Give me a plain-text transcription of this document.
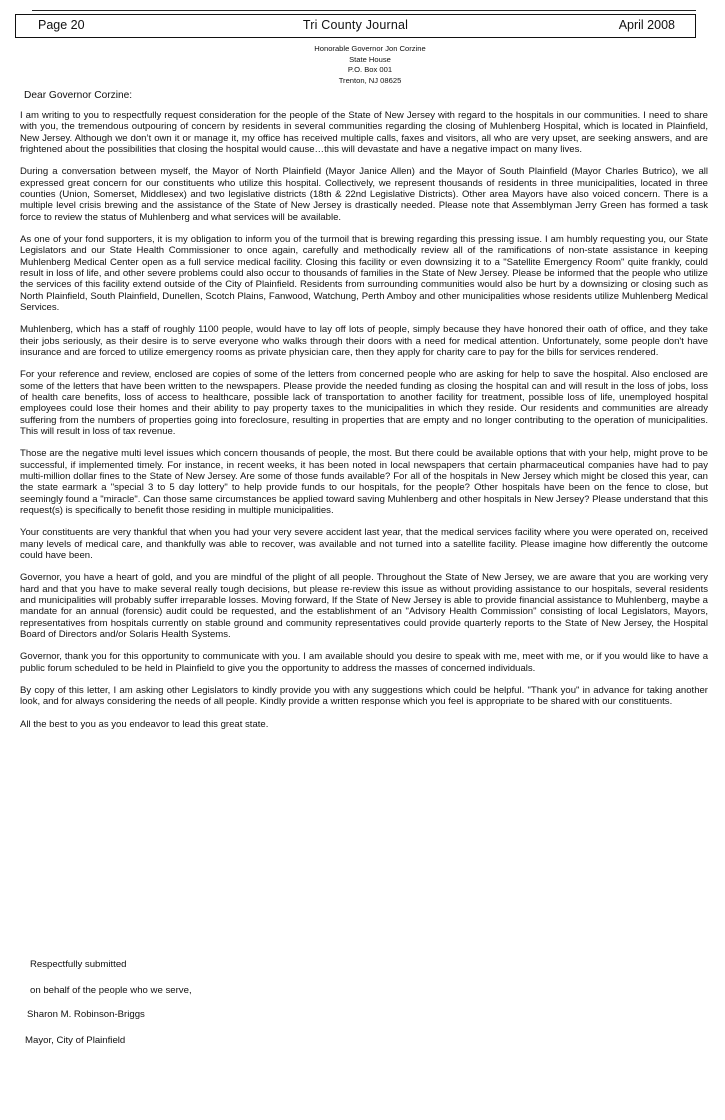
Page 20	Tri County Journal	April 2008
Honorable Governor Jon Corzine
State House
P.O. Box 001
Trenton, NJ 08625
Dear Governor Corzine:

I am writing to you to respectfully request consideration for the people of the State of New Jersey with regard to the hospitals in our communities. I need to share with you, the tremendous outpouring of concern by residents in several communities regarding the closing of Muhlenberg Hospital, which is located in Plainfield, New Jersey. Although we don’t own it or manage it, my office has received multiple calls, faxes and visitors, all who are very upset, are seeking answers, and are frightened about the possibilities that closing the hospital would cause…this will devastate and have a negative impact on many lives.

During a conversation between myself, the Mayor of North Plainfield (Mayor Janice Allen) and the Mayor of South Plainfield (Mayor Charles Butrico), we all expressed great concern for our constituents who utilize this hospital. Collectively, we represent thousands of residents in three municipalities, located in three counties (Union, Somerset, Middlesex) and two legislative districts (18th & 22nd Legislative Districts). Other area Mayors have also voiced concern. There is a multiple level crisis brewing and the assistance of the State of New Jersey is drastically needed. Please note that Assemblyman Jerry Green has formed a task force to review the status of Muhlenberg and what services will be available.

As one of your fond supporters, it is my obligation to inform you of the turmoil that is brewing regarding this pressing issue. I am humbly requesting you, our State Legislators and our State Health Commissioner to once again, carefully and methodically review all of the ramifications of non-state assistance in keeping Muhlenberg Medical Center open as a full service medical facility. Closing this facility or even downsizing it to a "Satellite Emergency Room" quite frankly, could result in loss of life, and other severe problems could also occur to thousands of families in the State of New Jersey. Please be informed that the people who utilize the services of this facility extend outside of the City of Plainfield. Residents from surrounding communities would also be hurt by a downsizing or closing such as North Plainfield, South Plainfield, Dunellen, Scotch Plains, Fanwood, Watchung, Perth Amboy and other municipalities whose residents utilize Muhlenberg Medical Services.

Muhlenberg, which has a staff of roughly 1100 people, would have to lay off lots of people, simply because they have honored their oath of office, and they take their jobs seriously, as their desire is to serve everyone who walks through their doors with a need for medical attention. Unfortunately, some people don't have insurance and are forced to utilize emergency rooms as private physician care, then they apply for charity care to pay for the bills for services rendered.

For your reference and review, enclosed are copies of some of the letters from concerned people who are asking for help to save the hospital. Also enclosed are some of the letters that have been written to the newspapers. Please provide the needed funding as closing the hospital can and will result in the loss of jobs, loss of health care benefits, loss of access to healthcare, possible lack of transportation to another facility for treatment, possible loss of life, unemployed hospital employees could lose their homes and their ability to pay property taxes to the municipalities in which they reside. Our residents and communities are already suffering from the numbers of properties going into foreclosure, resulting in properties that are empty and no longer contributing to the operation of municipalities. This will result in loss of tax revenue.

Those are the negative multi level issues which concern thousands of people, the most. But there could be available options that with your help, might prove to be successful, if implemented timely. For instance, in recent weeks, it has been noted in local newspapers that certain pharmaceutical companies have had to pay multi-million dollar fines to the State of New Jersey. Are some of those funds available? For all of the hospitals in New Jersey which might be closed this year, can the state earmark a "special 3 to 5 day lottery" to help provide funds to our hospitals, for the people? Other hospitals have been on the fence to close, but seemingly found a "miracle". Can those same circumstances be applied toward saving Muhlenberg and other hospitals in New Jersey? Please understand that this request(s) is specifically to benefit those residing in multiple municipalities.

Your constituents are very thankful that when you had your very severe accident last year, that the medical services facility where you were operated on, received many levels of medical care, and thankfully was able to recover, was available and not turned into a satellite facility. Please imagine how differently the outcome could have been.

Governor, you have a heart of gold, and you are mindful of the plight of all people. Throughout the State of New Jersey, we are aware that you are working very hard and that you have to make several really tough decisions, but please re-review this issue as without providing assistance to our hospitals, several residents and municipalities will probably suffer irreparable losses. Moving forward, If the State of New Jersey is able to provide financial assistance to Muhlenberg, maybe a mandate for an annual (forensic) audit could be requested, and the establishment of an "Advisory Health Commission" consisting of local Legislators, Mayors, representatives from hospitals currently on stable ground and community representatives could provide quarterly reports to the State of New Jersey, the Hospital Board of Directors and/or Solaris Health Systems.

Governor, thank you for this opportunity to communicate with you. I am available should you desire to speak with me, meet with me, or if you would like to have a public forum scheduled to be held in Plainfield to give you the opportunity to address the masses of concerned individuals.

By copy of this letter, I am asking other Legislators to kindly provide you with any suggestions which could be helpful. "Thank you" in advance for taking another look, and for always considering the needs of all people. Kindly provide a written response which you feel is appropriate to be shared with our constituents.

All the best to you as you endeavor to lead this great state.

Respectfully submitted
on behalf of the people who we serve,
Sharon M. Robinson-Briggs
Mayor, City of Plainfield
